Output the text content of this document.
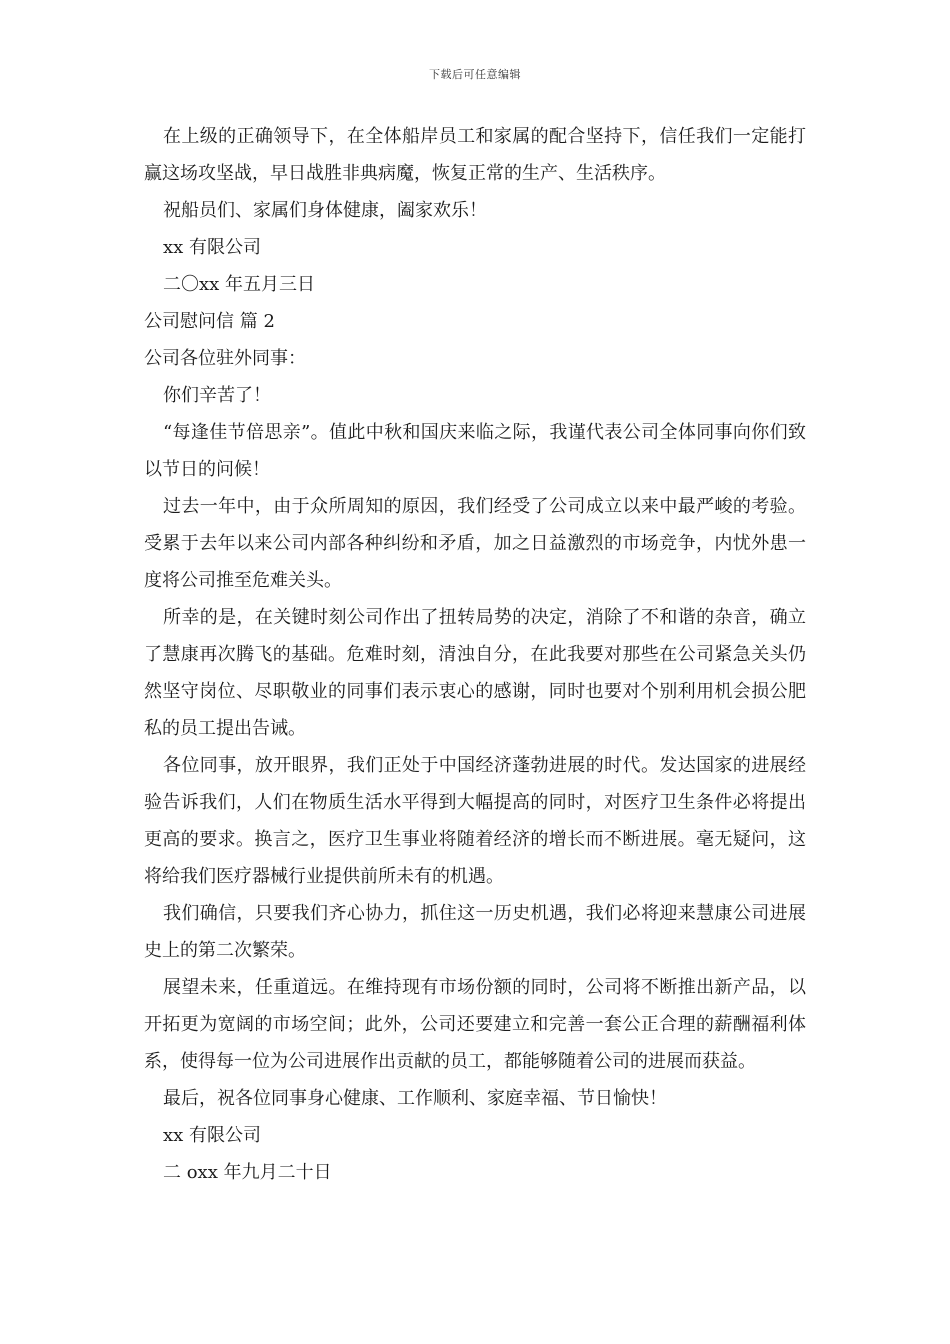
下载后可任意编辑

在上级的正确领导下，在全体船岸员工和家属的配合坚持下，信任我们一定能打赢这场攻坚战，早日战胜非典病魔，恢复正常的生产、生活秩序。

祝船员们、家属们身体健康，阖家欢乐！

xx 有限公司

二〇xx 年五月三日

公司慰问信 篇 2

公司各位驻外同事：

你们辛苦了！

“每逢佳节倍思亲”。值此中秋和国庆来临之际，我谨代表公司全体同事向你们致以节日的问候！

过去一年中，由于众所周知的原因，我们经受了公司成立以来中最严峻的考验。受累于去年以来公司内部各种纠纷和矛盾，加之日益激烈的市场竞争，内忧外患一度将公司推至危难关头。

所幸的是，在关键时刻公司作出了扭转局势的决定，消除了不和谐的杂音，确立了慧康再次腾飞的基础。危难时刻，清浊自分，在此我要对那些在公司紧急关头仍然坚守岗位、尽职敬业的同事们表示衷心的感谢，同时也要对个别利用机会损公肥私的员工提出告诫。

各位同事，放开眼界，我们正处于中国经济蓬勃进展的时代。发达国家的进展经验告诉我们，人们在物质生活水平得到大幅提高的同时，对医疗卫生条件必将提出更高的要求。换言之，医疗卫生事业将随着经济的增长而不断进展。毫无疑问，这将给我们医疗器械行业提供前所未有的机遇。

我们确信，只要我们齐心协力，抓住这一历史机遇，我们必将迎来慧康公司进展史上的第二次繁荣。

展望未来，任重道远。在维持现有市场份额的同时，公司将不断推出新产品，以开拓更为宽阔的市场空间；此外，公司还要建立和完善一套公正合理的薪酬福利体系，使得每一位为公司进展作出贡献的员工，都能够随着公司的进展而获益。

最后，祝各位同事身心健康、工作顺利、家庭幸福、节日愉快！

xx 有限公司

二 oxx 年九月二十日
